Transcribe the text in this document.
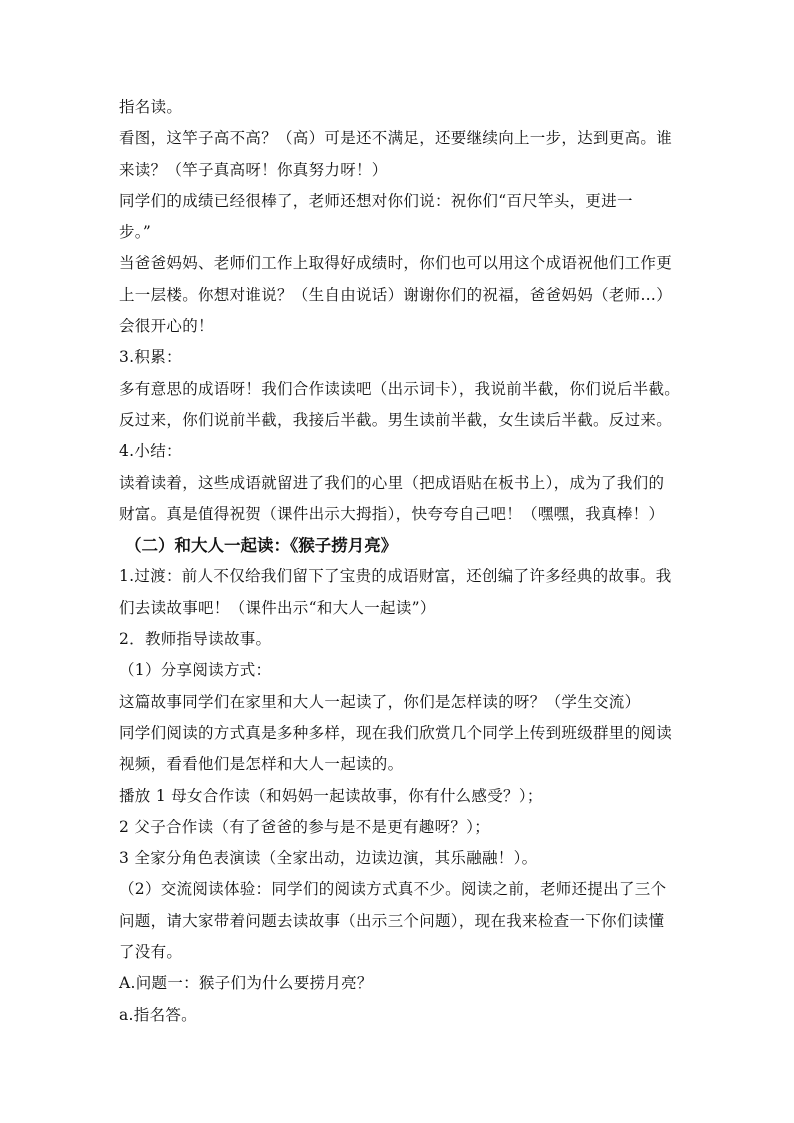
指名读。
看图，这竿子高不高？（高）可是还不满足，还要继续向上一步，达到更高。谁
来读？（竿子真高呀！你真努力呀！）
同学们的成绩已经很棒了，老师还想对你们说：祝你们“百尺竿头，更进一
步。”
当爸爸妈妈、老师们工作上取得好成绩时，你们也可以用这个成语祝他们工作更
上一层楼。你想对谁说？（生自由说话）谢谢你们的祝福，爸爸妈妈（老师…）
会很开心的！
3.积累：
多有意思的成语呀！我们合作读读吧（出示词卡），我说前半截，你们说后半截。
反过来，你们说前半截，我接后半截。男生读前半截，女生读后半截。反过来。
4.小结：
读着读着，这些成语就留进了我们的心里（把成语贴在板书上），成为了我们的
财富。真是值得祝贺（课件出示大拇指），快夸夸自己吧！（嘿嘿，我真棒！）
（二）和大人一起读：《猴子捞月亮》
1.过渡：前人不仅给我们留下了宝贵的成语财富，还创编了许多经典的故事。我
们去读故事吧！（课件出示“和大人一起读”）
2．教师指导读故事。
（1）分享阅读方式：
这篇故事同学们在家里和大人一起读了，你们是怎样读的呀？（学生交流）
同学们阅读的方式真是多种多样，现在我们欣赏几个同学上传到班级群里的阅读
视频，看看他们是怎样和大人一起读的。
播放 1 母女合作读（和妈妈一起读故事，你有什么感受？）；
2 父子合作读（有了爸爸的参与是不是更有趣呀？）；
3 全家分角色表演读（全家出动，边读边演，其乐融融！）。
（2）交流阅读体验：同学们的阅读方式真不少。阅读之前，老师还提出了三个
问题，请大家带着问题去读故事（出示三个问题），现在我来检查一下你们读懂
了没有。
A.问题一：猴子们为什么要捞月亮？
a.指名答。
